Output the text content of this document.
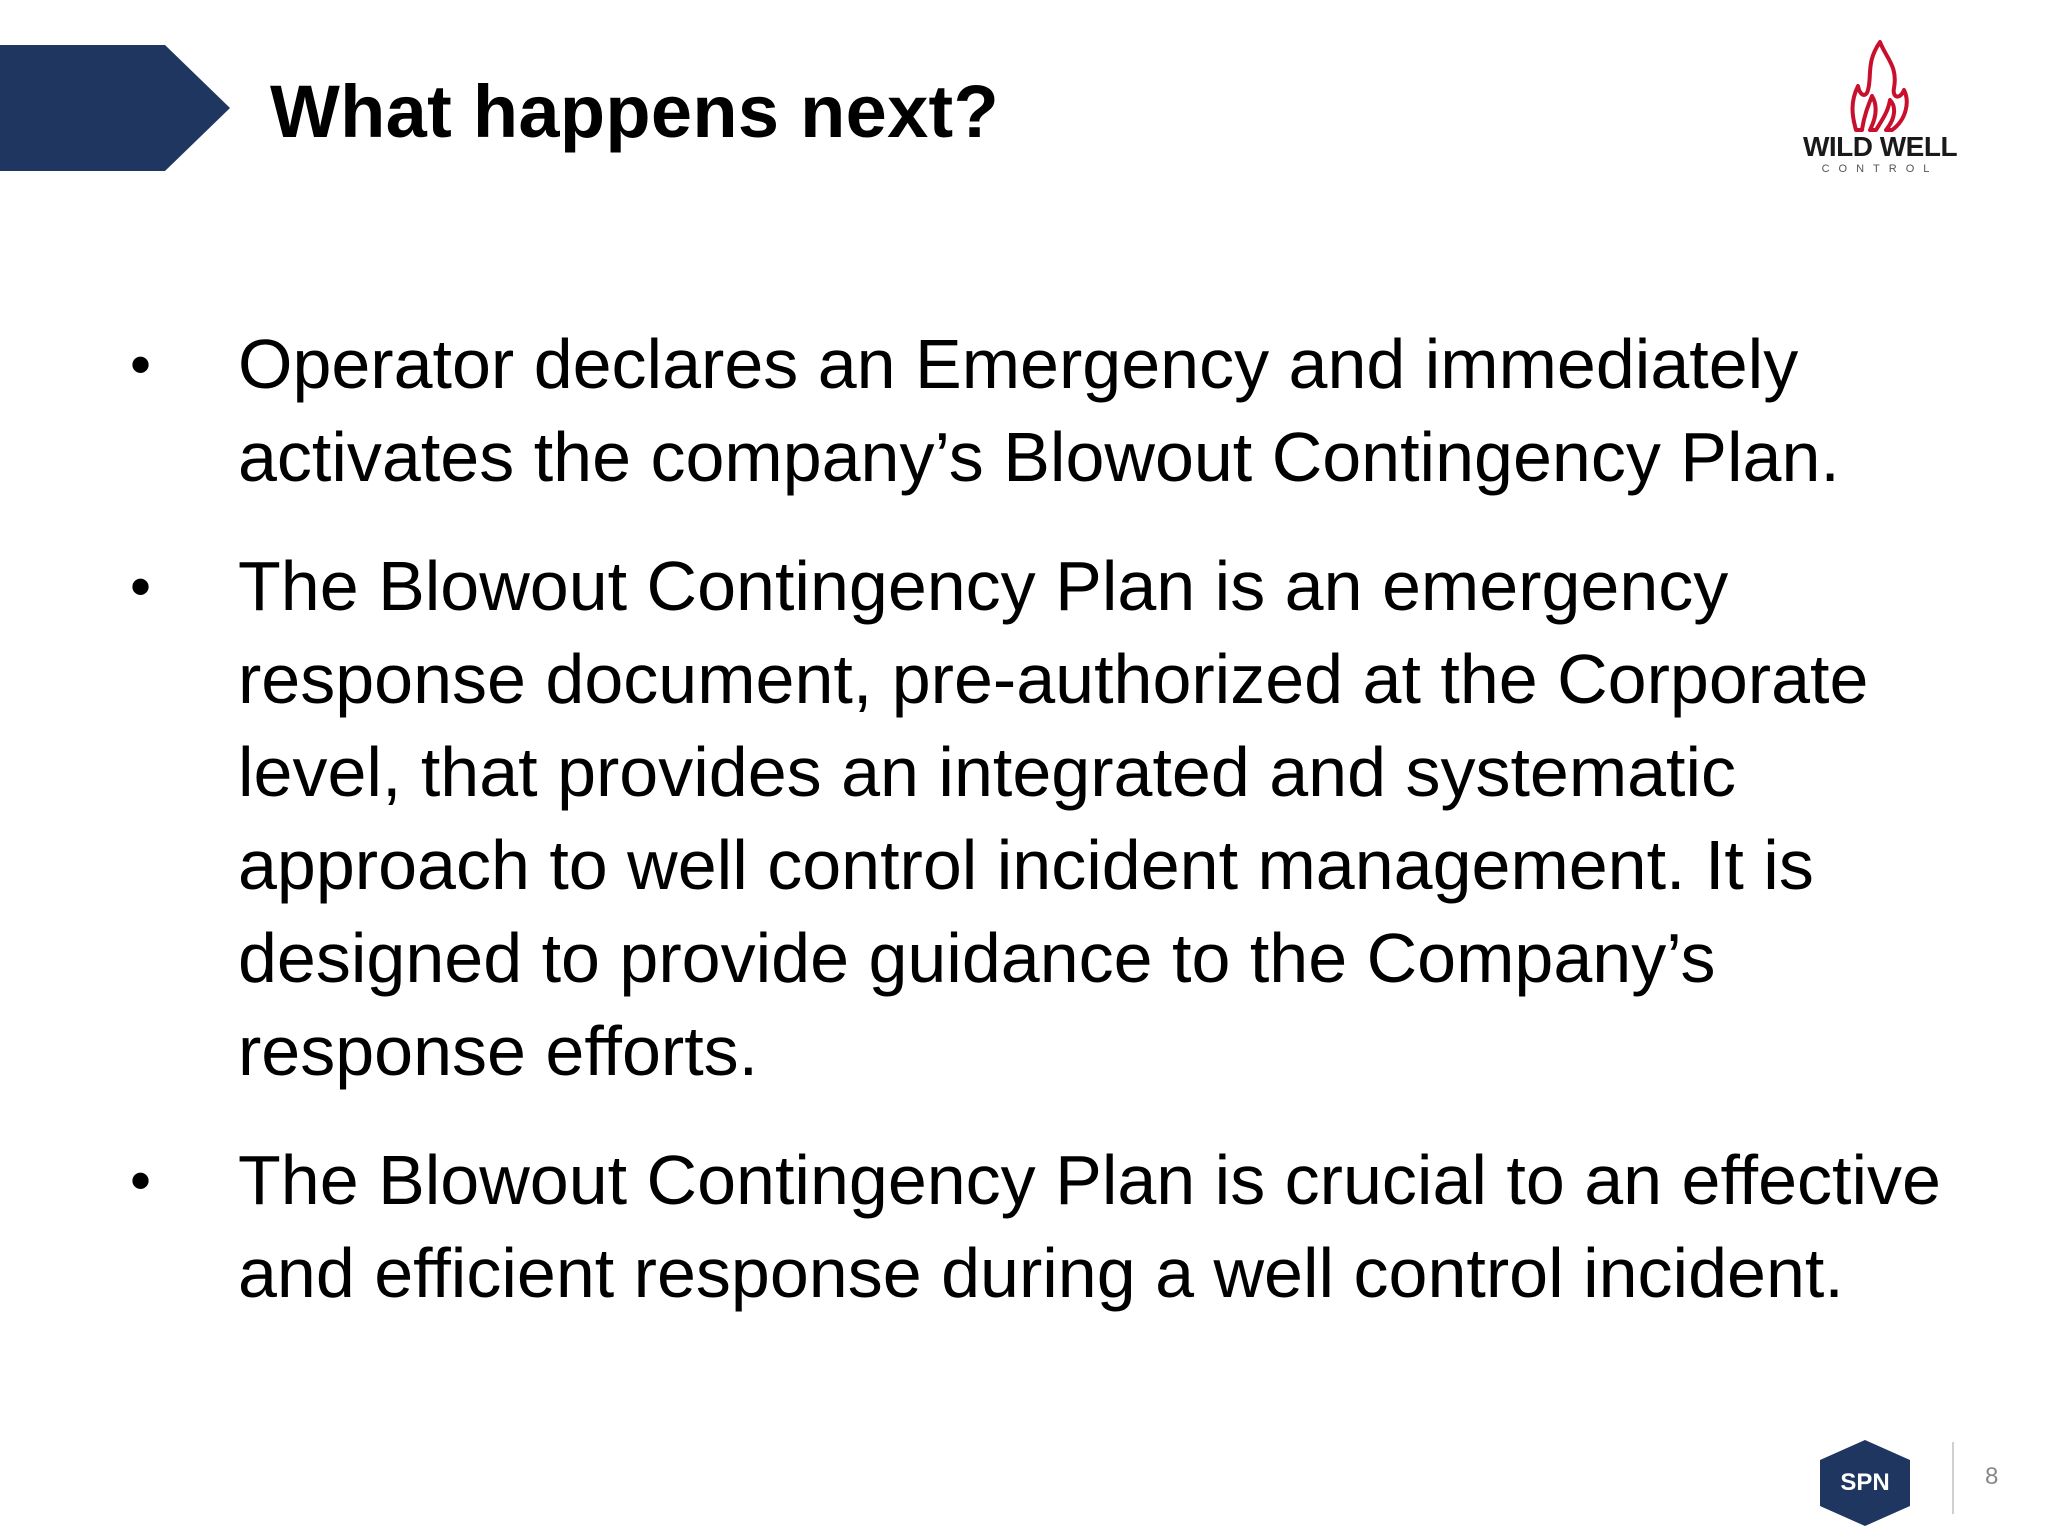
What happens next?	WILD WELL
CONTROL
• Operator declares an Emergency and immediately activates the company’s Blowout Contingency Plan.
• The Blowout Contingency Plan is an emergency response document, pre-authorized at the Corporate level, that provides an integrated and systematic approach to well control incident management. It is designed to provide guidance to the Company’s response efforts.
• The Blowout Contingency Plan is crucial to an effective and efficient response during a well control incident.
SPN	8
